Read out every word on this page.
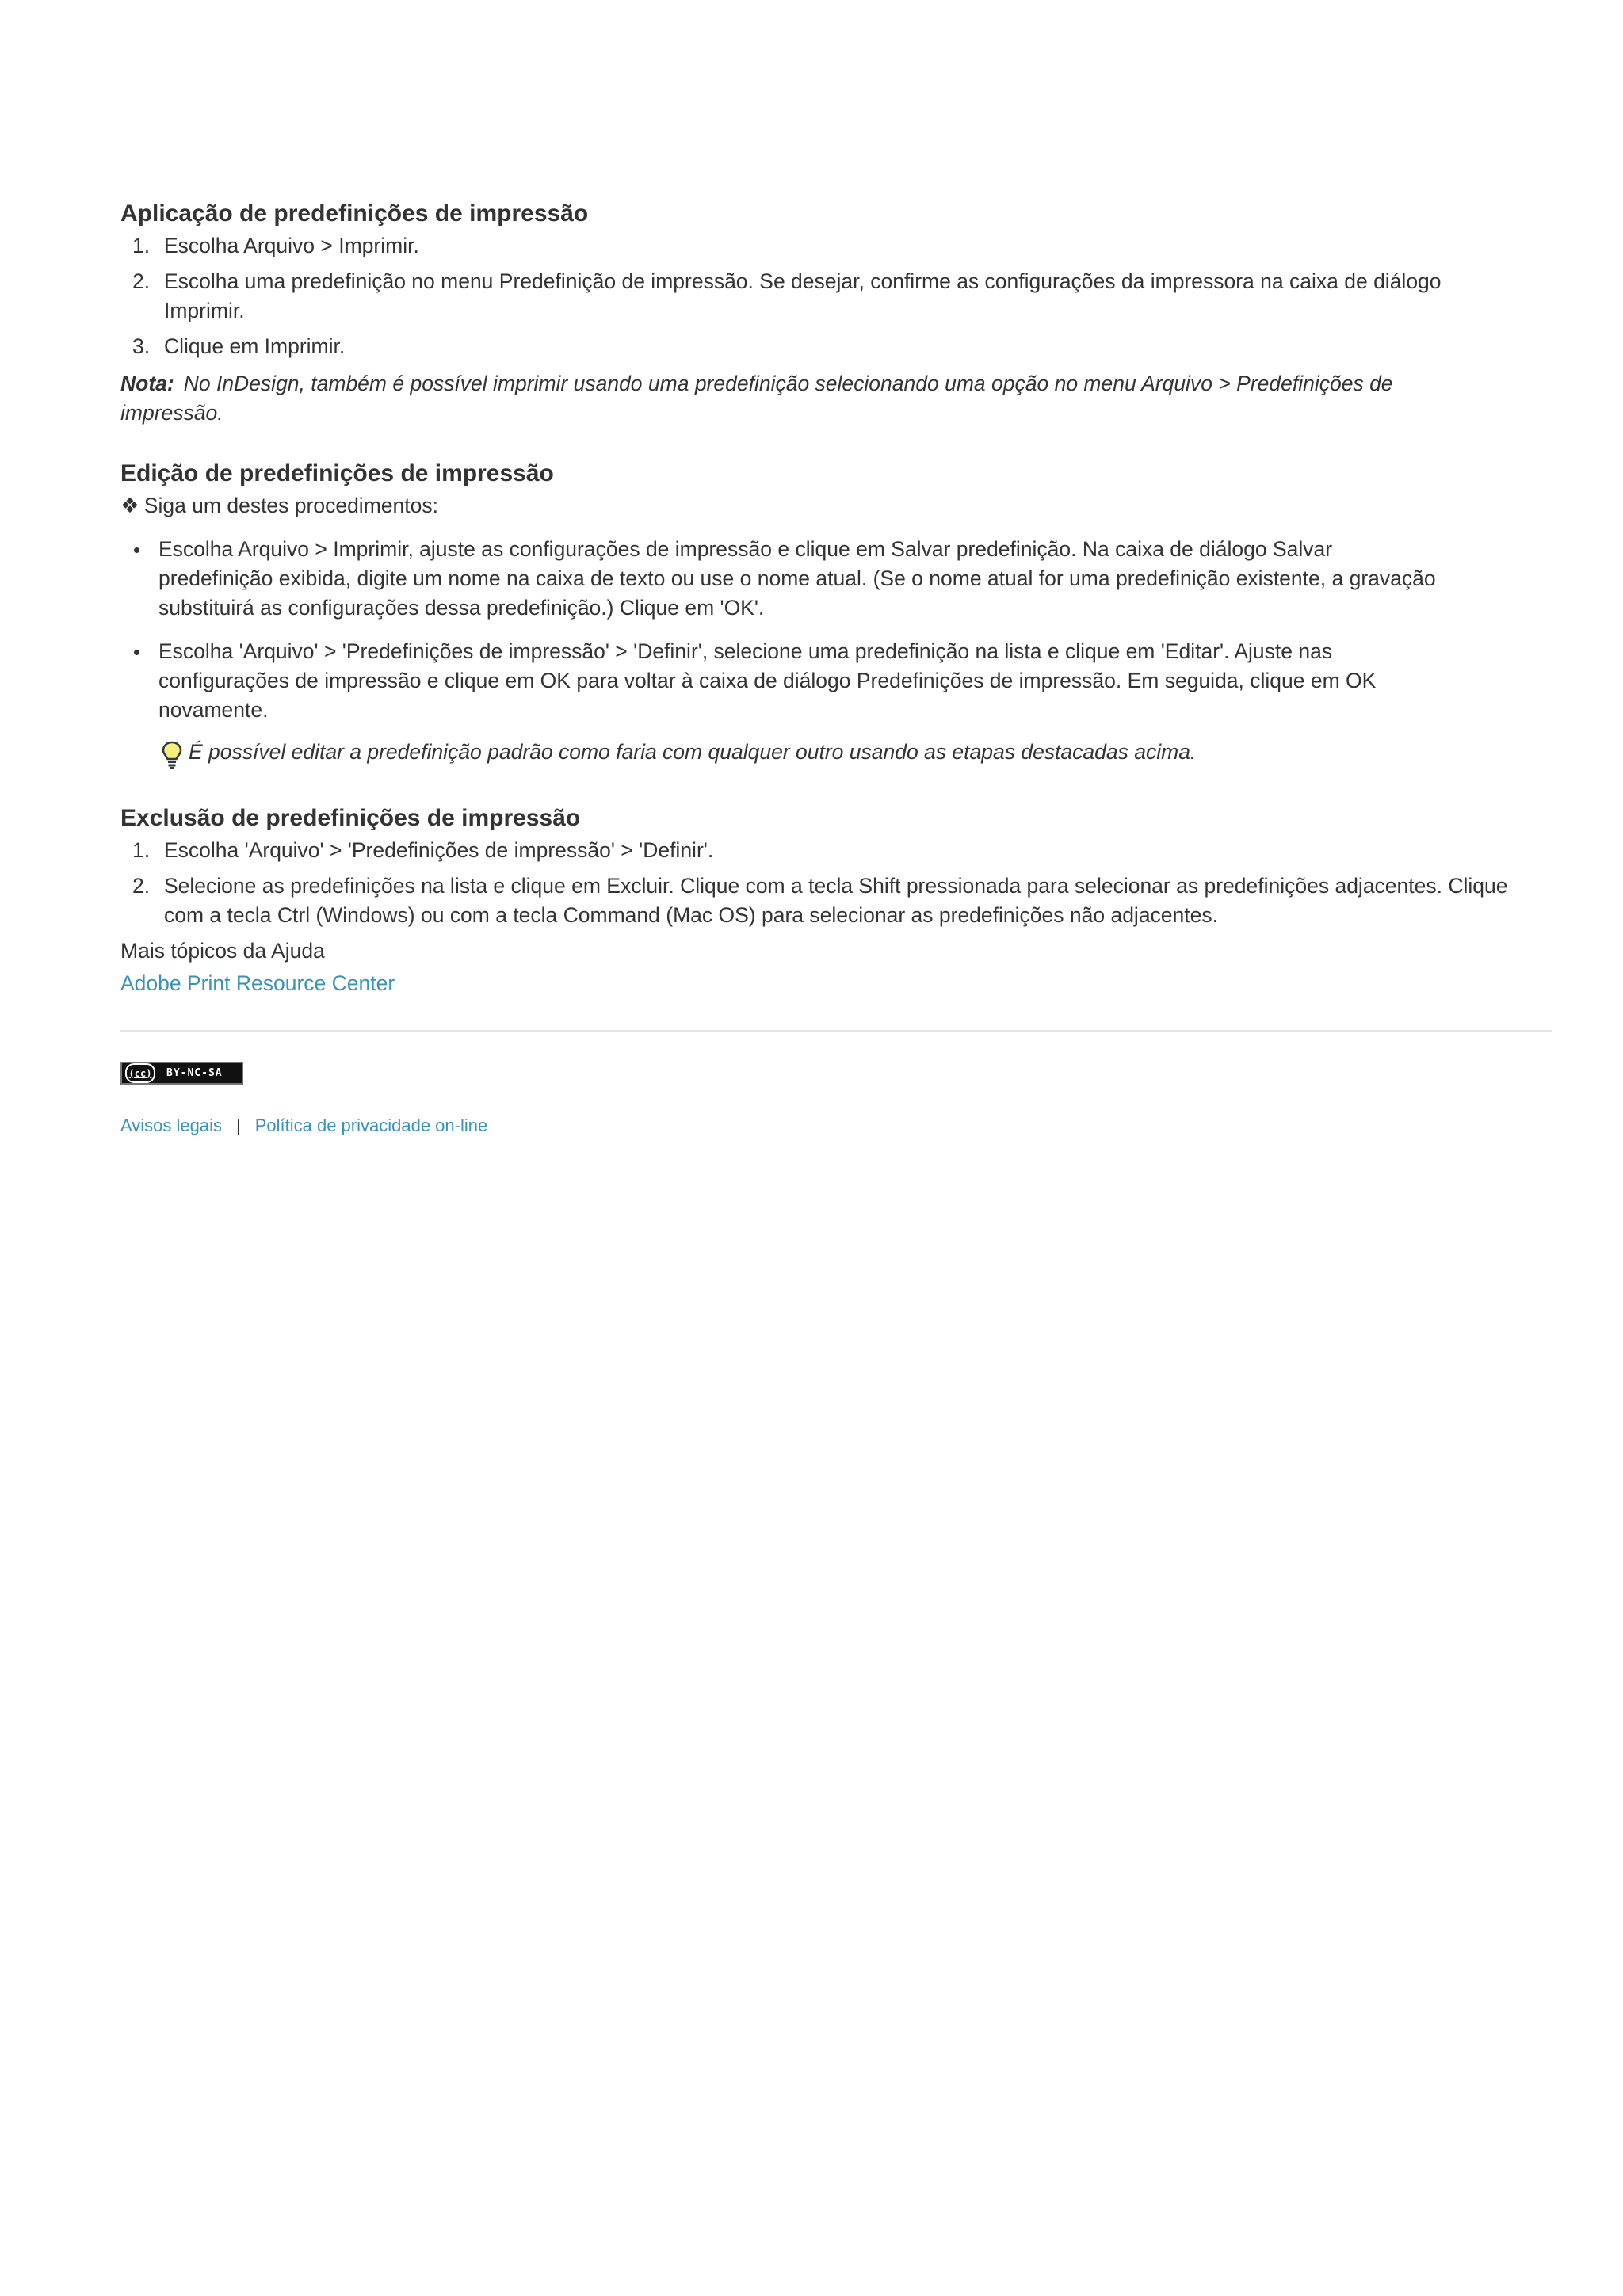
Aplicação de predefinições de impressão
1. Escolha Arquivo > Imprimir.
2. Escolha uma predefinição no menu Predefinição de impressão. Se desejar, confirme as configurações da impressora na caixa de diálogo Imprimir.
3. Clique em Imprimir.
Nota: No InDesign, também é possível imprimir usando uma predefinição selecionando uma opção no menu Arquivo > Predefinições de impressão.
Edição de predefinições de impressão
❖ Siga um destes procedimentos:
Escolha Arquivo > Imprimir, ajuste as configurações de impressão e clique em Salvar predefinição. Na caixa de diálogo Salvar predefinição exibida, digite um nome na caixa de texto ou use o nome atual. (Se o nome atual for uma predefinição existente, a gravação substituirá as configurações dessa predefinição.) Clique em 'OK'.
Escolha 'Arquivo' > 'Predefinições de impressão' > 'Definir', selecione uma predefinição na lista e clique em 'Editar'. Ajuste nas configurações de impressão e clique em OK para voltar à caixa de diálogo Predefinições de impressão. Em seguida, clique em OK novamente.
É possível editar a predefinição padrão como faria com qualquer outro usando as etapas destacadas acima.
Exclusão de predefinições de impressão
1. Escolha 'Arquivo' > 'Predefinições de impressão' > 'Definir'.
2. Selecione as predefinições na lista e clique em Excluir. Clique com a tecla Shift pressionada para selecionar as predefinições adjacentes. Clique com a tecla Ctrl (Windows) ou com a tecla Command (Mac OS) para selecionar as predefinições não adjacentes.
Mais tópicos da Ajuda
Adobe Print Resource Center
(cc)	BY-NC-SA
Avisos legais | Política de privacidade on-line
